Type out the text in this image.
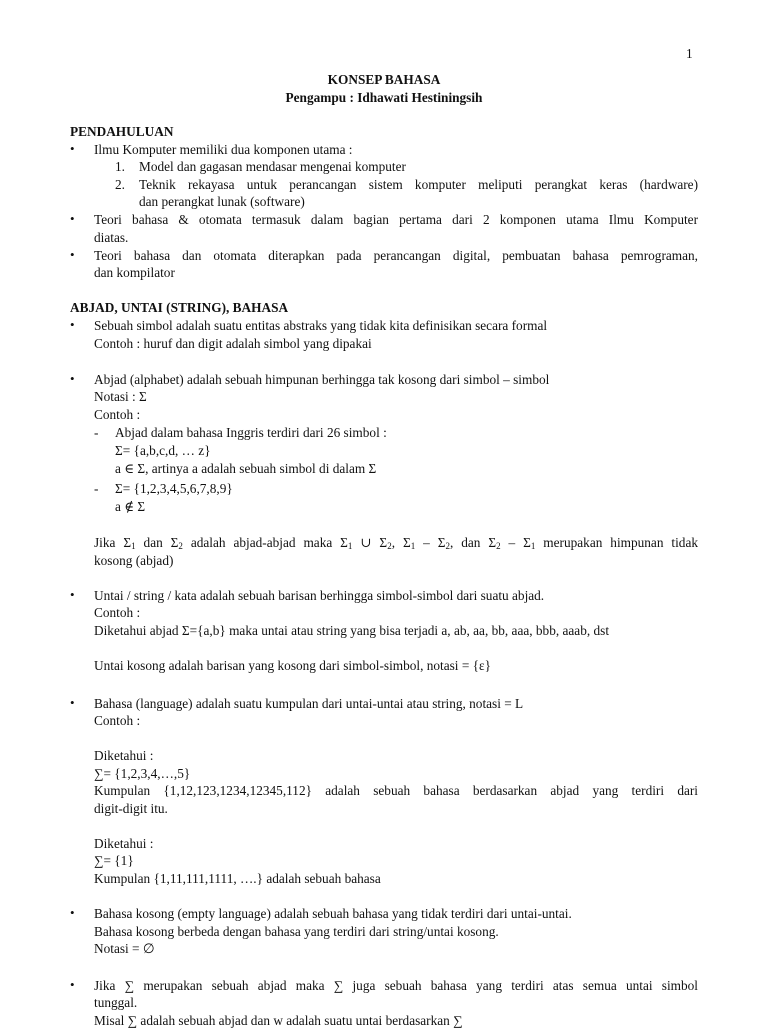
1
KONSEP BAHASA
Pengampu : Idhawati Hestiningsih
PENDAHULUAN
• Ilmu Komputer memiliki dua komponen utama :
1. Model dan gagasan mendasar mengenai komputer
2. Teknik rekayasa untuk perancangan sistem komputer meliputi perangkat keras (hardware)
dan perangkat lunak (software)
• Teori bahasa & otomata termasuk dalam bagian pertama dari 2 komponen utama Ilmu Komputer
diatas.
• Teori bahasa dan otomata diterapkan pada perancangan digital, pembuatan bahasa pemrograman,
dan kompilator
ABJAD, UNTAI (STRING), BAHASA
• Sebuah simbol adalah suatu entitas abstraks yang tidak kita definisikan secara formal
Contoh : huruf dan digit adalah simbol yang dipakai
• Abjad (alphabet) adalah sebuah himpunan berhingga tak kosong dari simbol – simbol
Notasi : Σ
Contoh :
- Abjad dalam bahasa Inggris terdiri dari 26 simbol :
Σ= {a,b,c,d, … z}
a ∈ Σ, artinya a adalah sebuah simbol di dalam Σ
- Σ= {1,2,3,4,5,6,7,8,9}
a ∉ Σ
Jika $\Sigma_1$ dan $\Sigma_2$ adalah abjad-abjad maka $\Sigma_1$ ∪ $\Sigma_2$, $\Sigma_1 - \Sigma_2$, dan $\Sigma_2 - \Sigma_1$ merupakan himpunan tidak
kosong (abjad)
• Untai / string / kata adalah sebuah barisan berhingga simbol-simbol dari suatu abjad.
Contoh :
Diketahui abjad Σ={a,b} maka untai atau string yang bisa terjadi a, ab, aa, bb, aaa, bbb, aaab, dst
Untai kosong adalah barisan yang kosong dari simbol-simbol, notasi = {ε}
• Bahasa (language) adalah suatu kumpulan dari untai-untai atau string, notasi = L
Contoh :
Diketahui :
∑= {1,2,3,4,…,5}
Kumpulan {1,12,123,1234,12345,112} adalah sebuah bahasa berdasarkan abjad yang terdiri dari
digit-digit itu.
Diketahui :
∑= {1}
Kumpulan {1,11,111,1111, ….} adalah sebuah bahasa
• Bahasa kosong (empty language) adalah sebuah bahasa yang tidak terdiri dari untai-untai.
Bahasa kosong berbeda dengan bahasa yang terdiri dari string/untai kosong.
Notasi = ∅
• Jika ∑ merupakan sebuah abjad maka ∑ juga sebuah bahasa yang terdiri atas semua untai simbol
tunggal.
Misal ∑ adalah sebuah abjad dan w adalah suatu untai berdasarkan ∑
